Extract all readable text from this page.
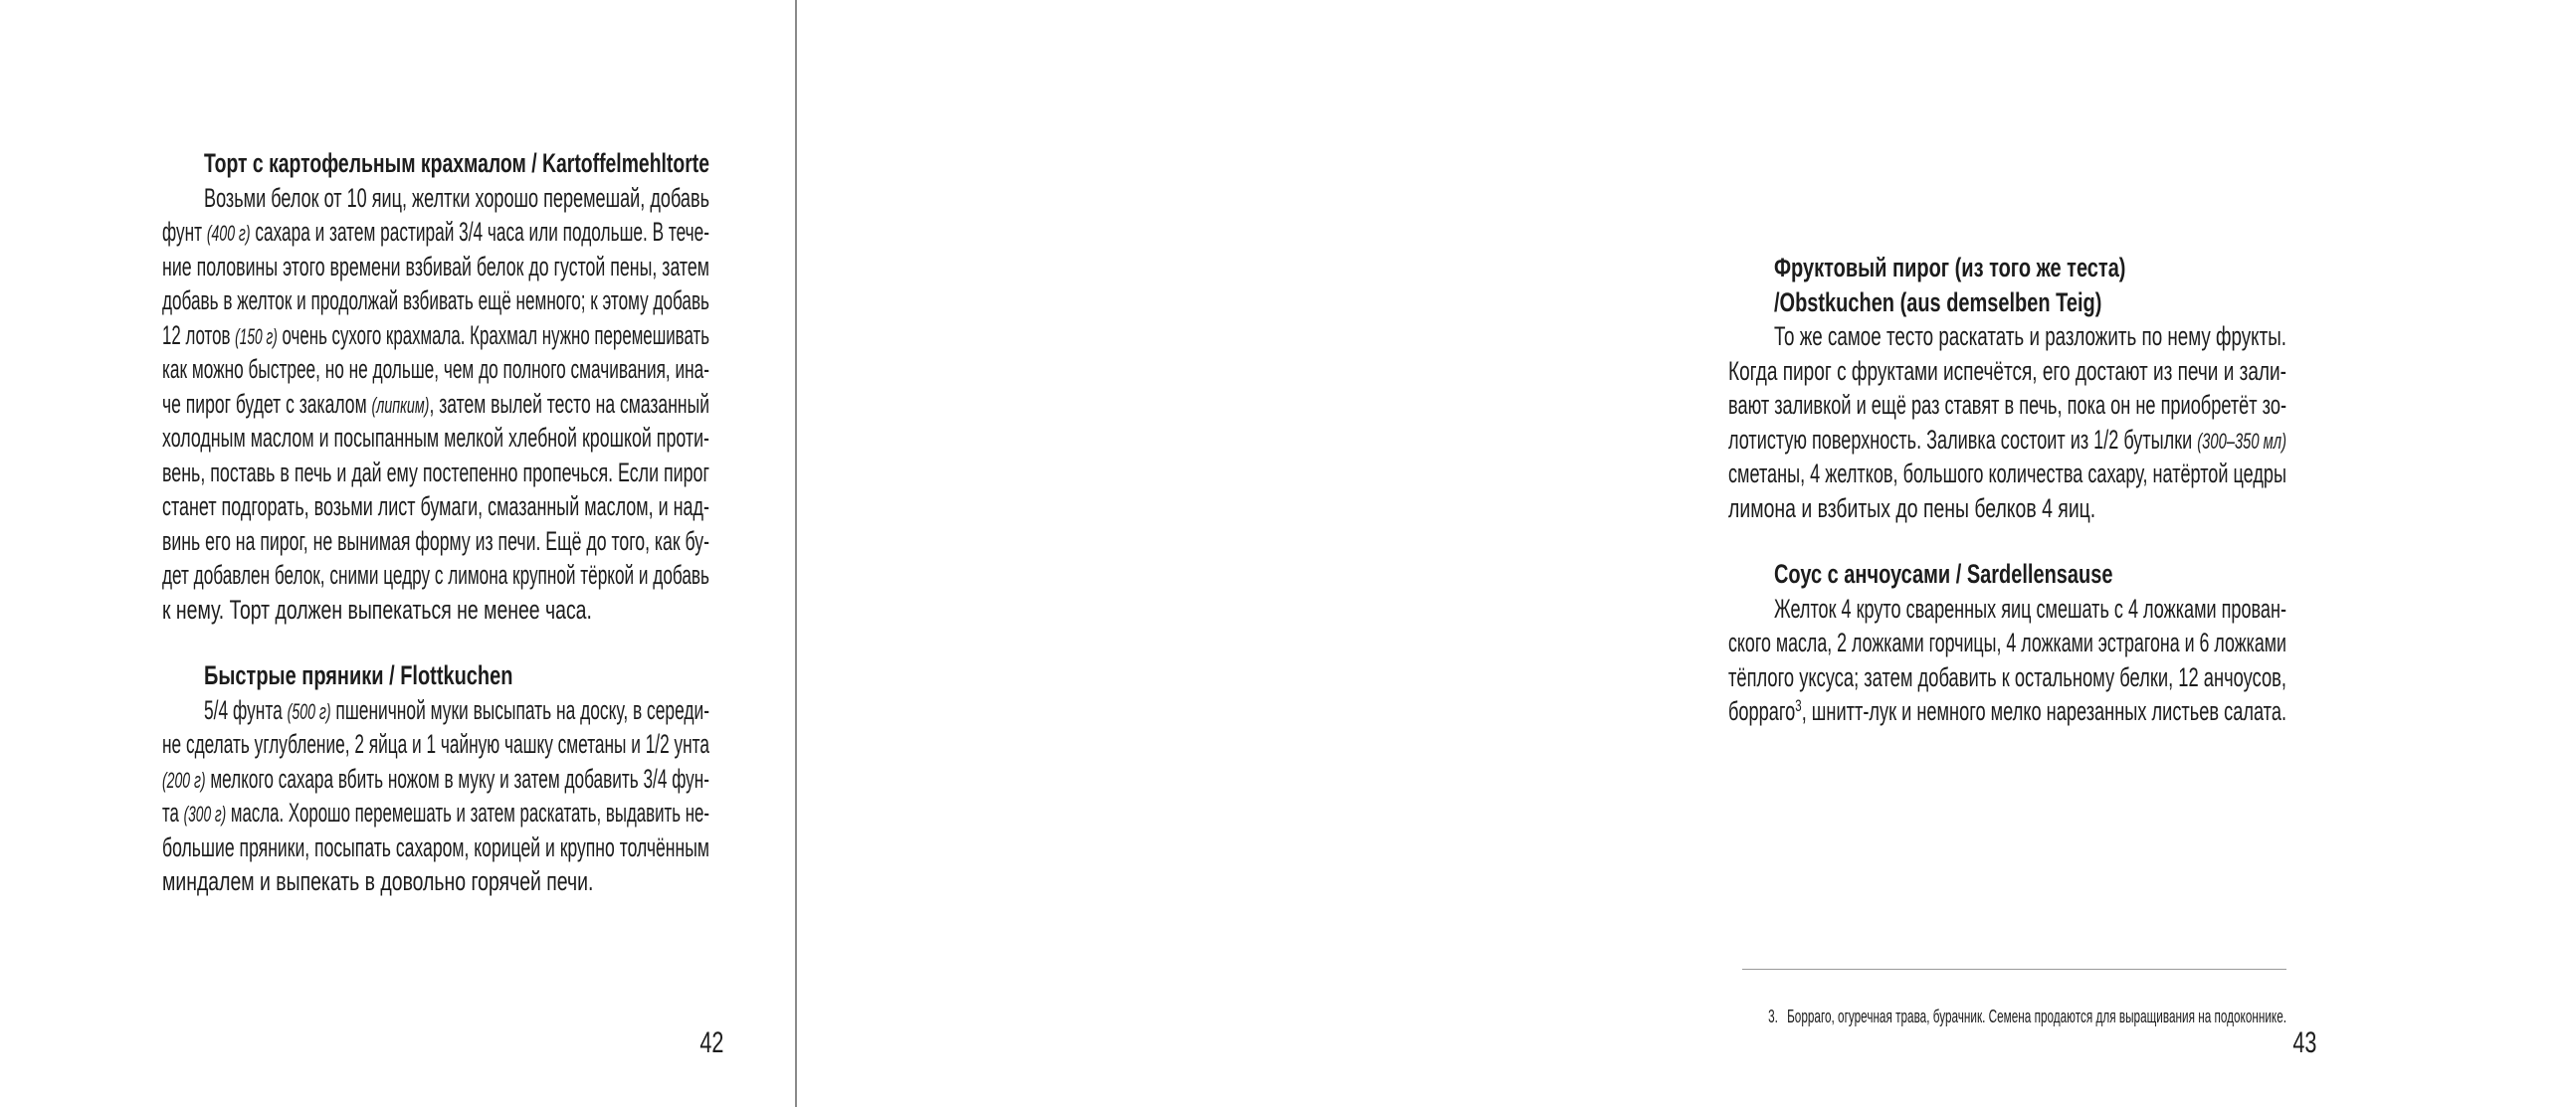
Торт с картофельным крахмалом / Kartoffelmehltorte
Возьми белок от 10 яиц, желтки хорошо перемешай, добавь
фунт (400 г) сахара и затем растирай 3/4 часа или подольше. В тече-
ние половины этого времени взбивай белок до густой пены, затем
добавь в желток и продолжай взбивать ещё немного; к этому добавь
12 лотов (150 г) очень сухого крахмала. Крахмал нужно перемешивать
как можно быстрее, но не дольше, чем до полного смачивания, ина-
че пирог будет с закалом (липким), затем вылей тесто на смазанный
холодным маслом и посыпанным мелкой хлебной крошкой проти-
вень, поставь в печь и дай ему постепенно пропечься. Если пирог
станет подгорать, возьми лист бумаги, смазанный маслом, и над-
винь его на пирог, не вынимая форму из печи. Ещё до того, как бу-
дет добавлен белок, сними цедру с лимона крупной тёркой и добавь
к нему. Торт должен выпекаться не менее часа.
Быстрые пряники / Flottkuchen
5/4 фунта (500 г) пшеничной муки высыпать на доску, в середи-
не сделать углубление, 2 яйца и 1 чайную чашку сметаны и 1/2 унта
(200 г) мелкого сахара вбить ножом в муку и затем добавить 3/4 фун-
та (300 г) масла. Хорошо перемешать и затем раскатать, выдавить не-
большие пряники, посыпать сахаром, корицей и крупно толчённым
миндалем и выпекать в довольно горячей печи.
42
Фруктовый пирог (из того же теста)
/Obstkuchen (aus demselben Teig)
То же самое тесто раскатать и разложить по нему фрукты.
Когда пирог с фруктами испечётся, его достают из печи и зали-
вают заливкой и ещё раз ставят в печь, пока он не приобретёт зо-
лотистую поверхность. Заливка состоит из 1/2 бутылки (300–350 мл)
сметаны, 4 желтков, большого количества сахару, натёртой цедры
лимона и взбитых до пены белков 4 яиц.
Соус с анчоусами / Sardellensause
Желток 4 круто сваренных яиц смешать с 4 ложками прован-
ского масла, 2 ложками горчицы, 4 ложками эстрагона и 6 ложками
тёплого уксуса; затем добавить к остальному белки, 12 анчоусов,
борраго$^3$, шнитт-лук и немного мелко нарезанных листьев салата.

3. Борраго, огуречная трава, бурачник. Семена продаются для выращивания на подоконнике.

43
